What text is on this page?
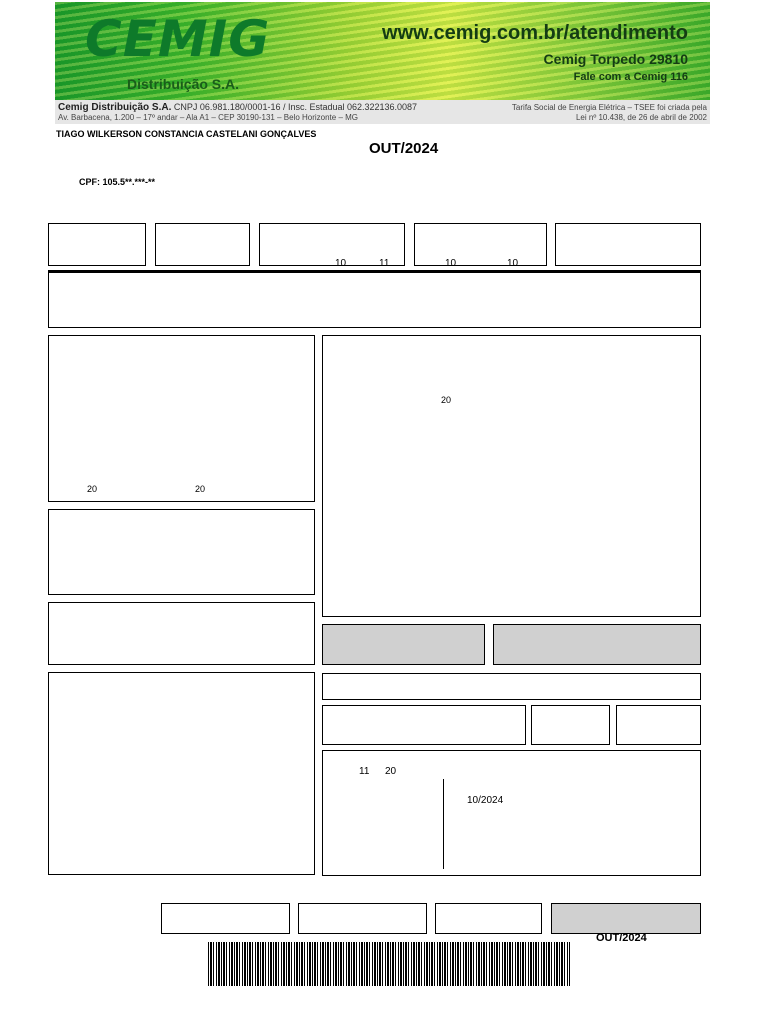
CEMIG
Distribuição S.A.
www.cemig.com.br/atendimento
Cemig Torpedo 29810
Fale com a Cemig 116
Cemig Distribuição S.A. CNPJ 06.981.180/0001-16 / Insc. Estadual 062.322136.0087
Av. Barbacena, 1.200 – 17º andar – Ala A1 – CEP 30190-131 – Belo Horizonte – MG
Tarifa Social de Energia Elétrica – TSEE foi criada pela
Lei nº 10.438, de 26 de abril de 2002
TIAGO WILKERSON CONSTANCIA CASTELANI GONÇALVES
OUT/2024
CPF: 105.5**.***-**
10	11	10	10
20	20
20
11 20
10/2024
OUT/2024
